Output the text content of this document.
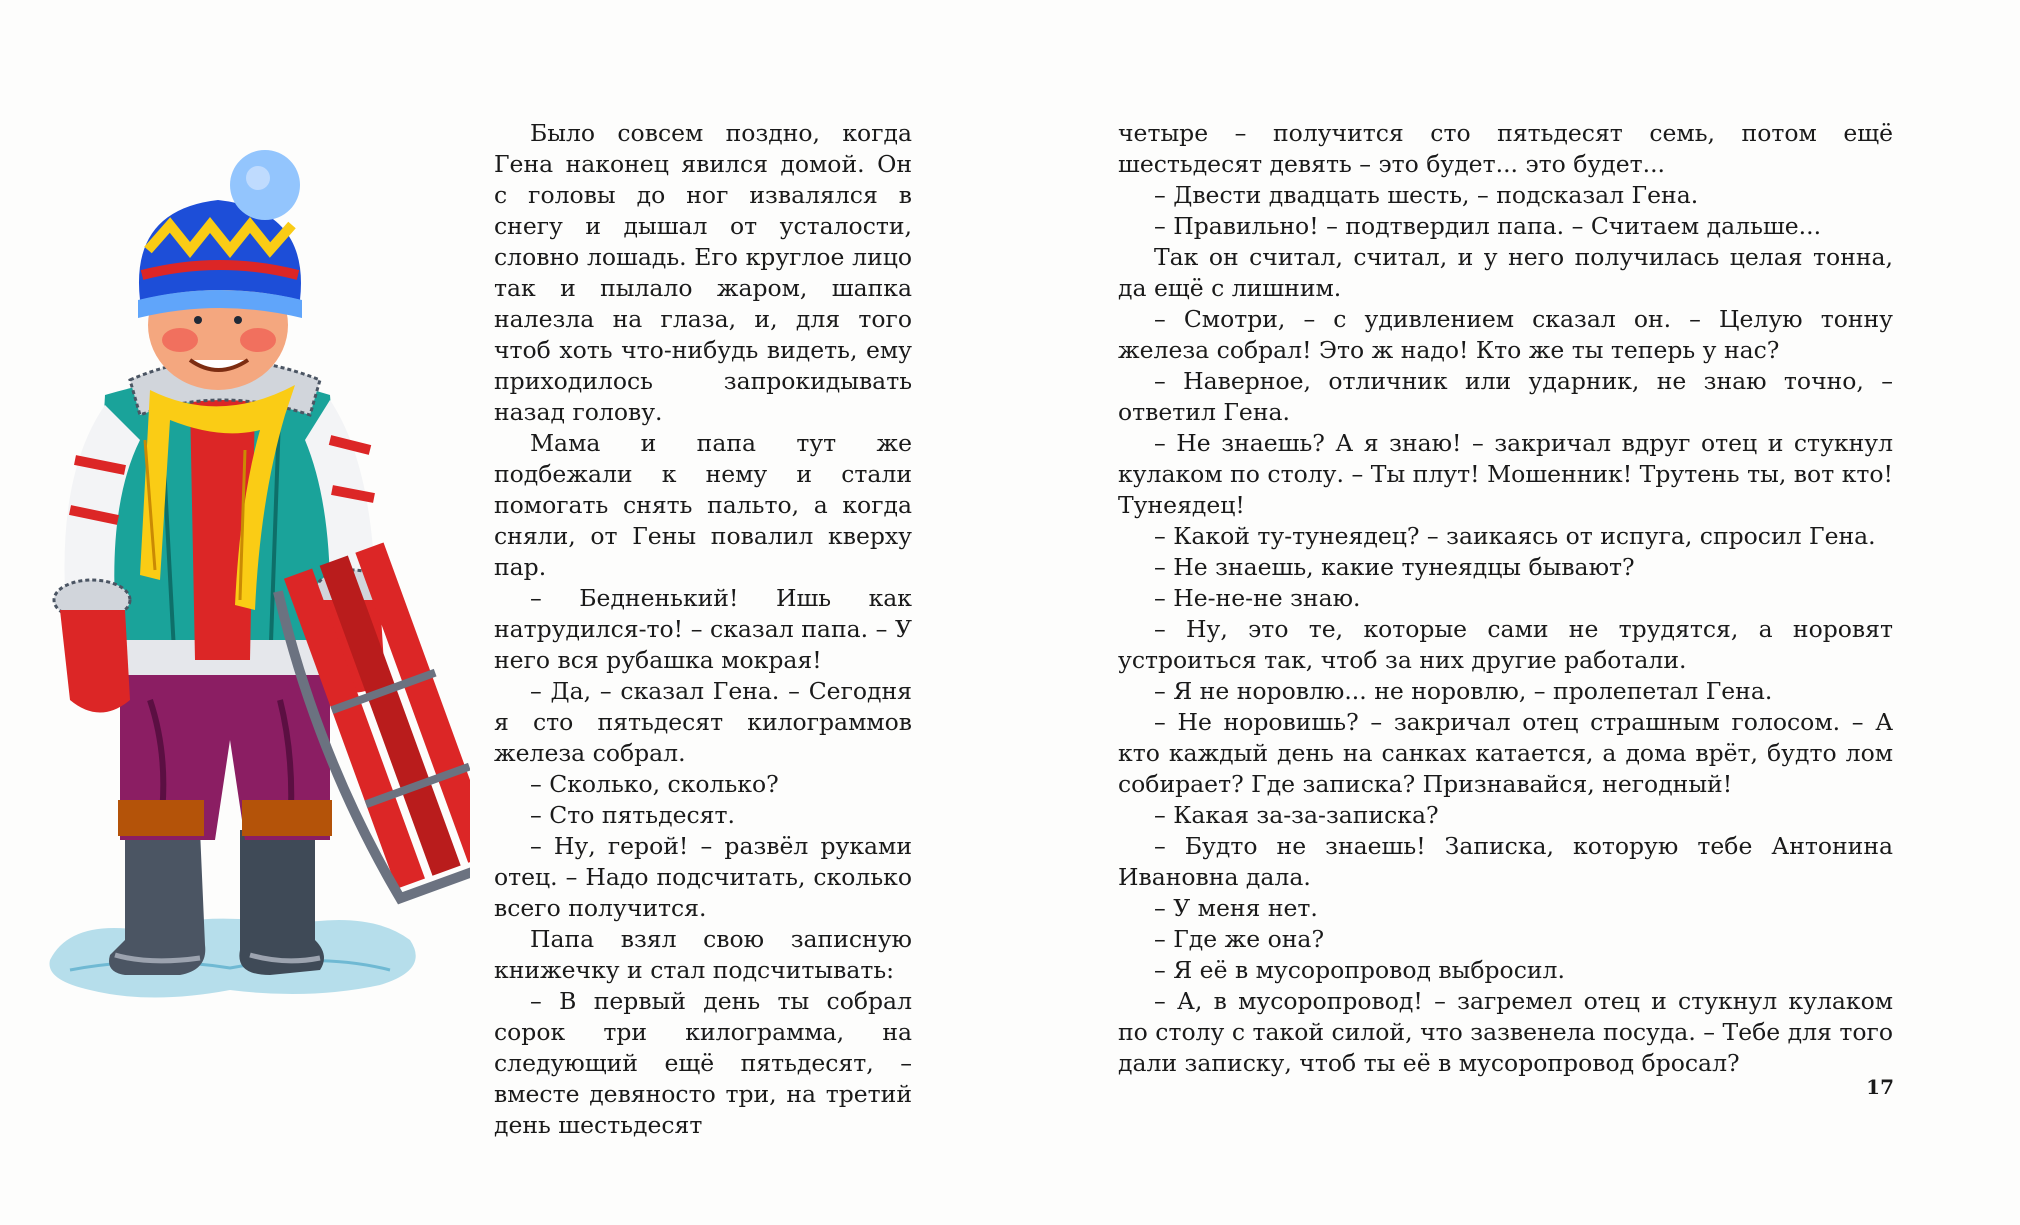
Было совсем поздно, когда Гена наконец явился домой. Он с головы до ног извалялся в снегу и дышал от усталости, словно лошадь. Его круглое лицо так и пылало жаром, шапка налезла на глаза, и, для того чтоб хоть что-нибудь видеть, ему приходилось запрокидывать назад голову.

Мама и папа тут же подбежали к нему и стали помогать снять пальто, а когда сняли, от Гены повалил кверху пар.

– Бедненький! Ишь как натрудился-то! – сказал папа. – У него вся рубашка мокрая!

– Да, – сказал Гена. – Сегодня я сто пятьдесят килограммов железа собрал.

– Сколько, сколько?

– Сто пятьдесят.

– Ну, герой! – развёл руками отец. – Надо подсчитать, сколько всего получится.

Папа взял свою записную книжечку и стал подсчитывать:

– В первый день ты собрал сорок три килограмма, на следующий ещё пятьдесят, – вместе девяносто три, на третий день шестьдесят

четыре – получится сто пятьдесят семь, потом ещё шестьдесят девять – это будет... это будет...

– Двести двадцать шесть, – подсказал Гена.

– Правильно! – подтвердил папа. – Считаем дальше...

Так он считал, считал, и у него получилась целая тонна, да ещё с лишним.

– Смотри, – с удивлением сказал он. – Целую тонну железа собрал! Это ж надо! Кто же ты теперь у нас?

– Наверное, отличник или ударник, не знаю точно, – ответил Гена.

– Не знаешь? А я знаю! – закричал вдруг отец и стукнул кулаком по столу. – Ты плут! Мошенник! Трутень ты, вот кто! Тунеядец!

– Какой ту-тунеядец? – заикаясь от испуга, спросил Гена.

– Не знаешь, какие тунеядцы бывают?

– Не-не-не знаю.

– Ну, это те, которые сами не трудятся, а норовят устроиться так, чтоб за них другие работали.

– Я не норовлю... не норовлю, – пролепетал Гена.

– Не норовишь? – закричал отец страшным голосом. – А кто каждый день на санках катается, а дома врёт, будто лом собирает? Где записка? Признавайся, негодный!

– Какая за-за-записка?

– Будто не знаешь! Записка, которую тебе Антонина Ивановна дала.

– У меня нет.

– Где же она?

– Я её в мусоропровод выбросил.

– А, в мусоропровод! – загремел отец и стукнул кулаком по столу с такой силой, что зазвенела посуда. – Тебе для того дали записку, чтоб ты её в мусоропровод бросал?

17
